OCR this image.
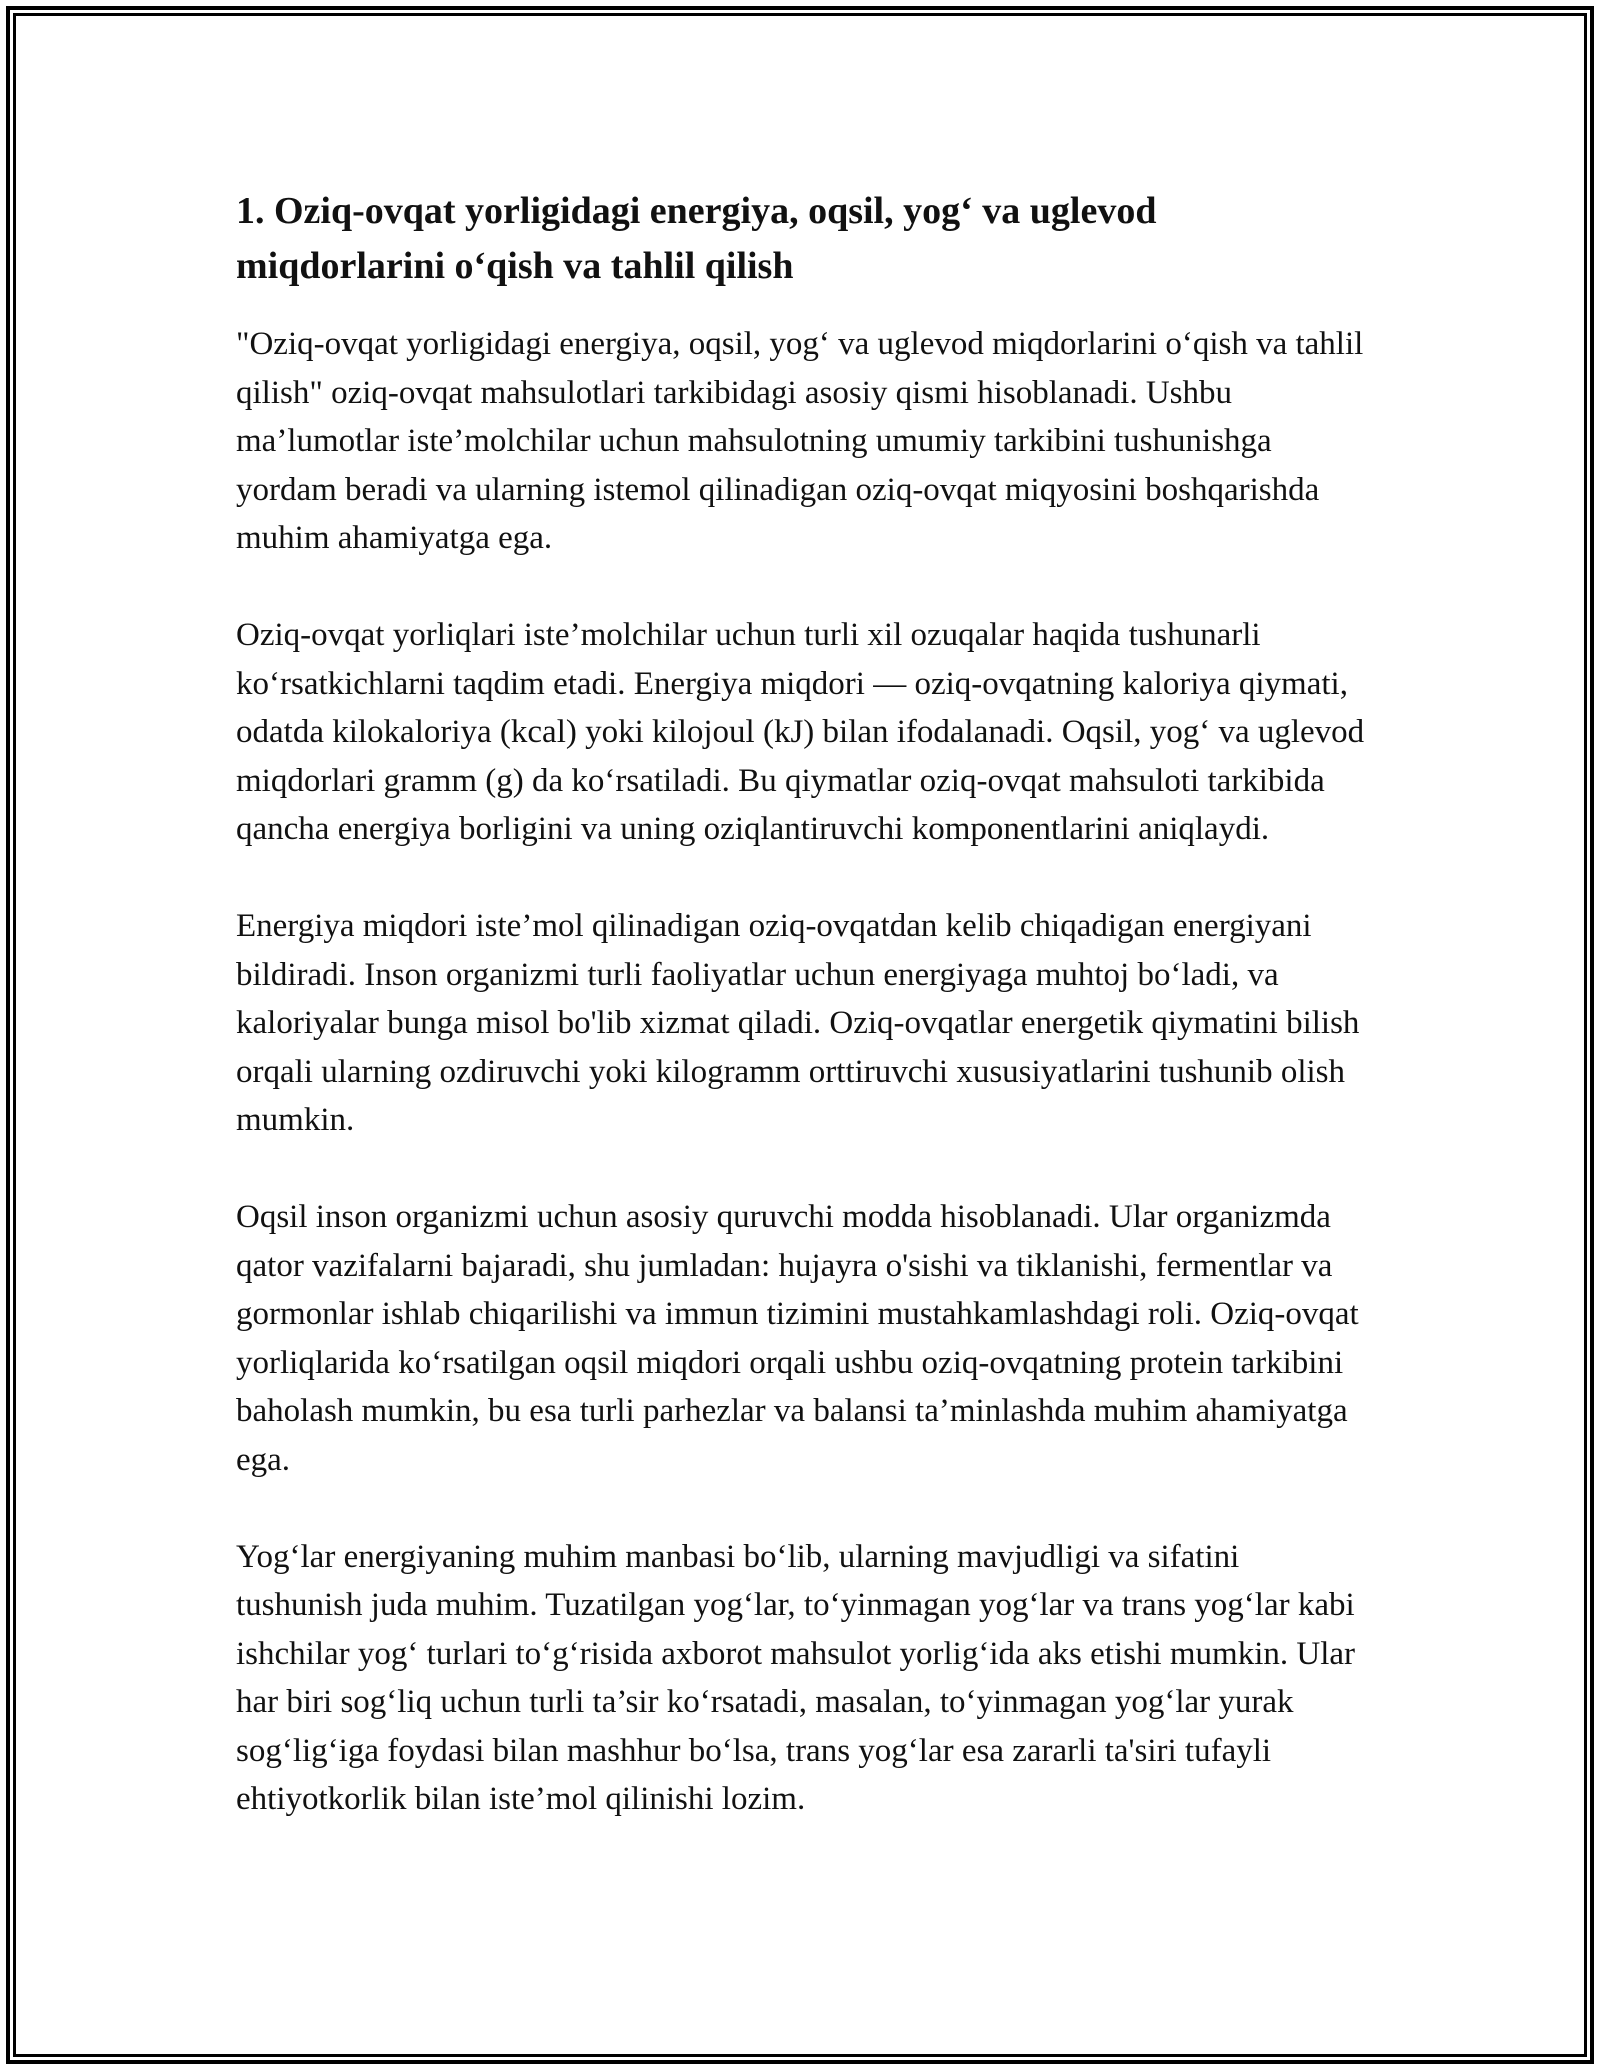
1. Oziq-ovqat yorligidagi energiya, oqsil, yog‘ va uglevod miqdorlarini o‘qish va tahlil qilish

"Oziq-ovqat yorligidagi energiya, oqsil, yog‘ va uglevod miqdorlarini o‘qish va tahlil qilish" oziq-ovqat mahsulotlari tarkibidagi asosiy qismi hisoblanadi. Ushbu ma’lumotlar iste’molchilar uchun mahsulotning umumiy tarkibini tushunishga yordam beradi va ularning istemol qilinadigan oziq-ovqat miqyosini boshqarishda muhim ahamiyatga ega.

Oziq-ovqat yorliqlari iste’molchilar uchun turli xil ozuqalar haqida tushunarli ko‘rsatkichlarni taqdim etadi. Energiya miqdori — oziq-ovqatning kaloriya qiymati, odatda kilokaloriya (kcal) yoki kilojoul (kJ) bilan ifodalanadi. Oqsil, yog‘ va uglevod miqdorlari gramm (g) da ko‘rsatiladi. Bu qiymatlar oziq-ovqat mahsuloti tarkibida qancha energiya borligini va uning oziqlantiruvchi komponentlarini aniqlaydi.

Energiya miqdori iste’mol qilinadigan oziq-ovqatdan kelib chiqadigan energiyani bildiradi. Inson organizmi turli faoliyatlar uchun energiyaga muhtoj bo‘ladi, va kaloriyalar bunga misol bo'lib xizmat qiladi. Oziq-ovqatlar energetik qiymatini bilish orqali ularning ozdiruvchi yoki kilogramm orttiruvchi xususiyatlarini tushunib olish mumkin.

Oqsil inson organizmi uchun asosiy quruvchi modda hisoblanadi. Ular organizmda qator vazifalarni bajaradi, shu jumladan: hujayra o'sishi va tiklanishi, fermentlar va gormonlar ishlab chiqarilishi va immun tizimini mustahkamlashdagi roli. Oziq-ovqat yorliqlarida ko‘rsatilgan oqsil miqdori orqali ushbu oziq-ovqatning protein tarkibini baholash mumkin, bu esa turli parhezlar va balansi ta’minlashda muhim ahamiyatga ega.

Yog‘lar energiyaning muhim manbasi bo‘lib, ularning mavjudligi va sifatini tushunish juda muhim. Tuzatilgan yog‘lar, to‘yinmagan yog‘lar va trans yog‘lar kabi ishchilar yog‘ turlari to‘g‘risida axborot mahsulot yorlig‘ida aks etishi mumkin. Ular har biri sog‘liq uchun turli ta’sir ko‘rsatadi, masalan, to‘yinmagan yog‘lar yurak sog‘lig‘iga foydasi bilan mashhur bo‘lsa, trans yog‘lar esa zararli ta'siri tufayli ehtiyotkorlik bilan iste’mol qilinishi lozim.
